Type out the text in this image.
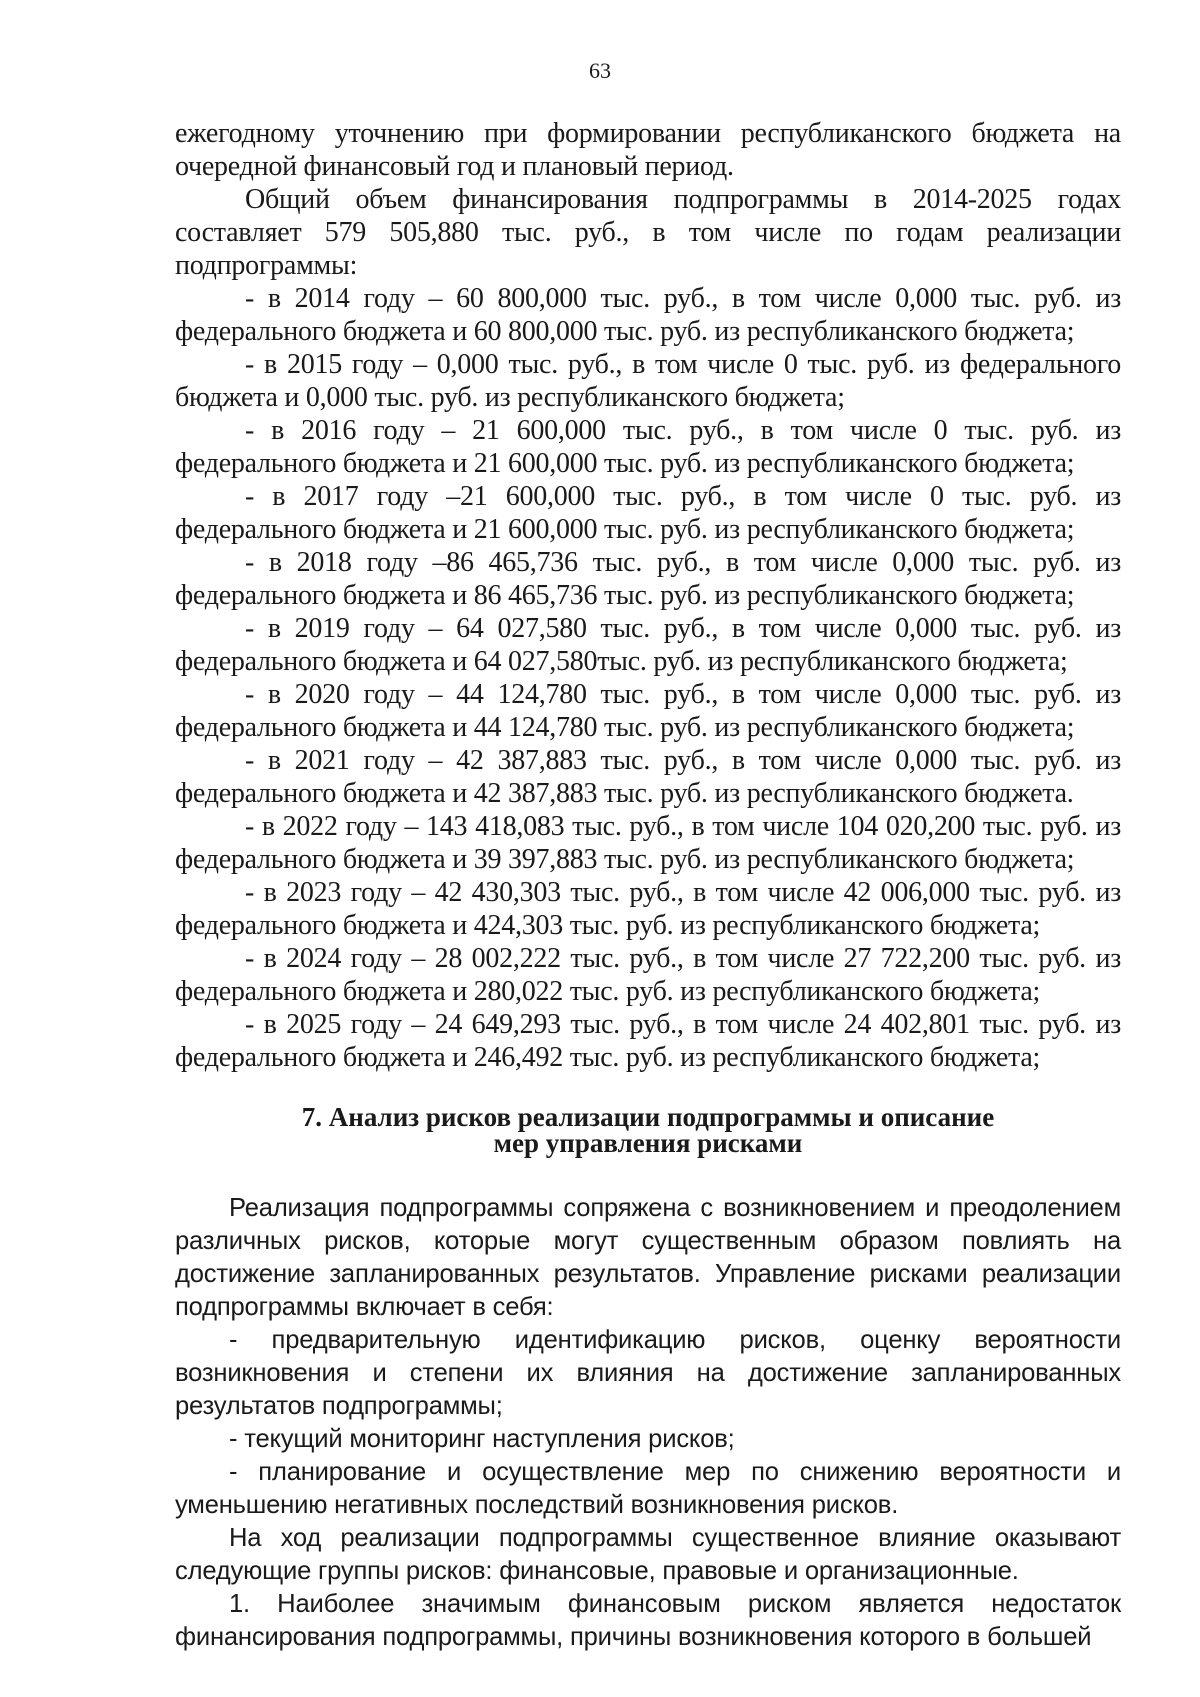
63

ежегодному уточнению при формировании республиканского бюджета на очередной финансовый год и плановый период.

Общий объем финансирования подпрограммы в 2014-2025 годах составляет 579 505,880 тыс. руб., в том числе по годам реализации подпрограммы:

- в 2014 году – 60 800,000 тыс. руб., в том числе 0,000 тыс. руб. из федерального бюджета и 60 800,000 тыс. руб. из республиканского бюджета;

- в 2015 году – 0,000 тыс. руб., в том числе 0 тыс. руб. из федерального бюджета и 0,000 тыс. руб. из республиканского бюджета;

- в 2016 году – 21 600,000 тыс. руб., в том числе 0 тыс. руб. из федерального бюджета и 21 600,000 тыс. руб. из республиканского бюджета;

- в 2017 году –21 600,000 тыс. руб., в том числе 0 тыс. руб. из федерального бюджета и 21 600,000 тыс. руб. из республиканского бюджета;

- в 2018 году –86 465,736 тыс. руб., в том числе 0,000 тыс. руб. из федерального бюджета и 86 465,736 тыс. руб. из республиканского бюджета;

- в 2019 году – 64 027,580 тыс. руб., в том числе 0,000 тыс. руб. из федерального бюджета и 64 027,580тыс. руб. из республиканского бюджета;

- в 2020 году – 44 124,780 тыс. руб., в том числе 0,000 тыс. руб. из федерального бюджета и 44 124,780 тыс. руб. из республиканского бюджета;

- в 2021 году – 42 387,883 тыс. руб., в том числе 0,000 тыс. руб. из федерального бюджета и 42 387,883 тыс. руб. из республиканского бюджета.

- в 2022 году – 143 418,083 тыс. руб., в том числе 104 020,200 тыс. руб. из федерального бюджета и 39 397,883 тыс. руб. из республиканского бюджета;

- в 2023 году – 42 430,303 тыс. руб., в том числе 42 006,000 тыс. руб. из федерального бюджета и 424,303 тыс. руб. из республиканского бюджета;

- в 2024 году – 28 002,222 тыс. руб., в том числе 27 722,200 тыс. руб. из федерального бюджета и 280,022 тыс. руб. из республиканского бюджета;

- в 2025 году – 24 649,293 тыс. руб., в том числе 24 402,801 тыс. руб. из федерального бюджета и 246,492 тыс. руб. из республиканского бюджета;

7. Анализ рисков реализации подпрограммы и описание
мер управления рисками

Реализация подпрограммы сопряжена с возникновением и преодолением различных рисков, которые могут существенным образом повлиять на достижение запланированных результатов. Управление рисками реализации подпрограммы включает в себя:

- предварительную идентификацию рисков, оценку вероятности возникновения и степени их влияния на достижение запланированных результатов подпрограммы;

- текущий мониторинг наступления рисков;

- планирование и осуществление мер по снижению вероятности и уменьшению негативных последствий возникновения рисков.

На ход реализации подпрограммы существенное влияние оказывают следующие группы рисков: финансовые, правовые и организационные.

1. Наиболее значимым финансовым риском является недостаток финансирования подпрограммы, причины возникновения которого в большей
